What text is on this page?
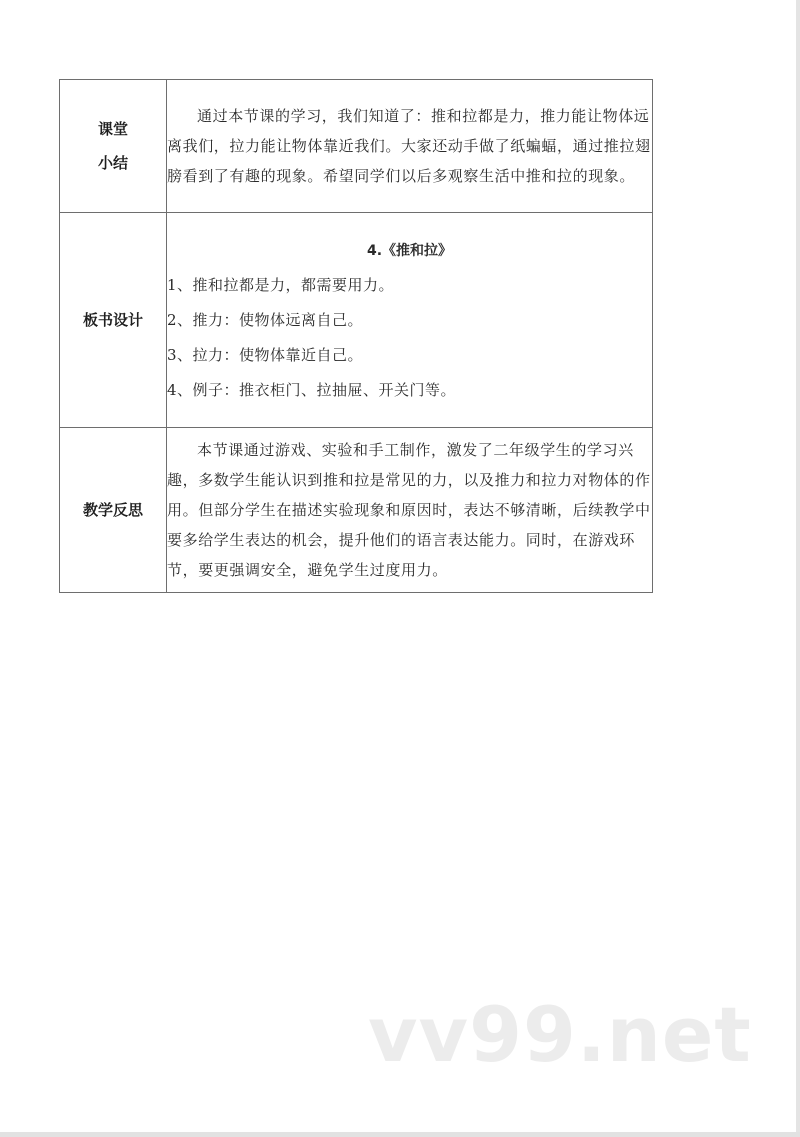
课堂
小结	通过本节课的学习，我们知道了：推和拉都是力，推力能让物体远离我们，拉力能让物体靠近我们。大家还动手做了纸蝙蝠，通过推拉翅膀看到了有趣的现象。希望同学们以后多观察生活中推和拉的现象。

板书设计	4.《推和拉》
1、推和拉都是力，都需要用力。
2、推力：使物体远离自己。
3、拉力：使物体靠近自己。
4、例子：推衣柜门、拉抽屉、开关门等。

教学反思	本节课通过游戏、实验和手工制作，激发了二年级学生的学习兴趣，多数学生能认识到推和拉是常见的力，以及推力和拉力对物体的作用。但部分学生在描述实验现象和原因时，表达不够清晰，后续教学中要多给学生表达的机会，提升他们的语言表达能力。同时，在游戏环节，要更强调安全，避免学生过度用力。

vv99.net
